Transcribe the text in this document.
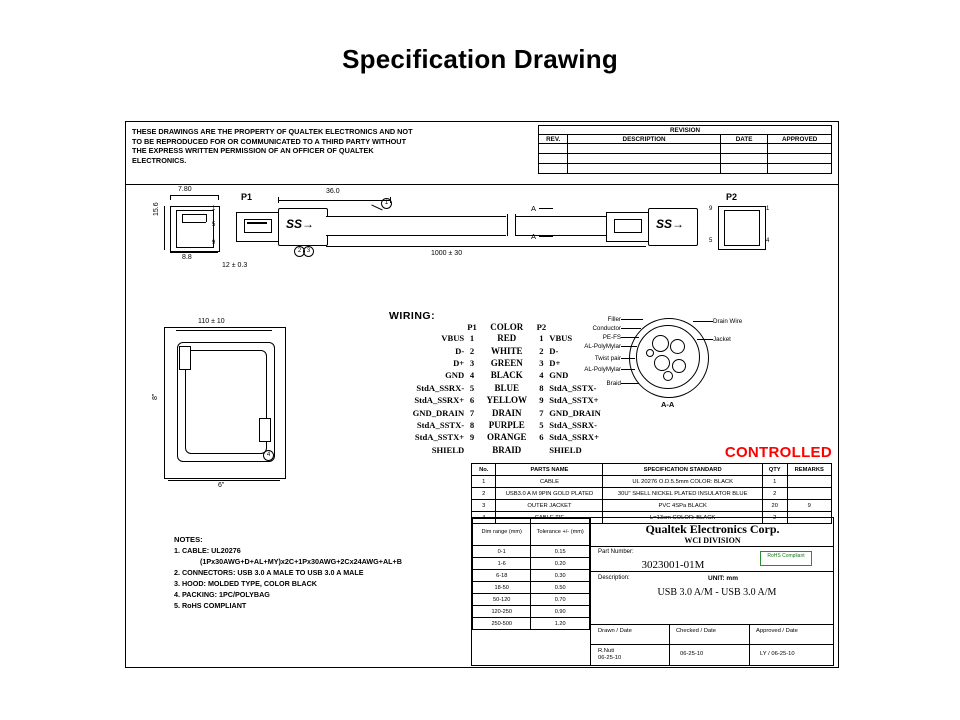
Specification Drawing
THESE DRAWINGS ARE THE PROPERTY OF QUALTEK ELECTRONICS AND NOT TO BE REPRODUCED FOR OR COMMUNICATED TO A THIRD PARTY WITHOUT THE EXPRESS WRITTEN PERMISSION OF AN OFFICER OF QUALTEK ELECTRONICS.
REVISION			
REV.	DESCRIPTION	DATE	APPROVED

7.80
15.6
8.8
1
5
9
P1
SS→
36.0
1
2 3
12 ± 0.3
1000 ± 30
A
A
P2
SS→
9
5
1
4
4
110 ± 10
8"
6"
WIRING:
P1	COLOR	P2
VBUS 1	RED	1 VBUS
D- 2	WHITE	2 D-
D+ 3	GREEN	3 D+
GND 4	BLACK	4 GND
StdA_SSRX- 5	BLUE	8 StdA_SSTX-
StdA_SSRX+ 6	YELLOW	9 StdA_SSTX+
GND_DRAIN 7	DRAIN	7 GND_DRAIN
StdA_SSTX- 8	PURPLE	5 StdA_SSRX-
StdA_SSTX+ 9	ORANGE	6 StdA_SSRX+
SHIELD	BRAID	SHIELD
A-A
Filler
Conductor
PE-FS
AL-PolyMylar
Twist pair
AL-PolyMylar
Braid
Drain Wire
Jacket
CONTROLLED
No.	PARTS NAME	SPECIFICATION STANDARD	QTY	REMARKS
1	CABLE	UL 20276 O.D.5.5mm COLOR: BLACK	1	
2	USB3.0 A M 9PIN GOLD PLATED	30U" SHELL NICKEL PLATED INSULATOR BLUE	2	
3	OUTER JACKET	PVC 4SPa BLACK	20	9
4	CABLE TIE	L=13cm COLOR: BLACK	2	
Dim range (mm)	Tolerance +/- (mm)
0-1	0.15
1-6	0.20
6-18	0.30
18-50	0.50
50-120	0.70
120-250	0.90
250-500	1.20
Qualtek Electronics Corp.
WCI DIVISION
Part Number:
3023001-01M
RoHS Compliant
Description:
USB 3.0 A/M - USB 3.0 A/M
UNIT: mm
Drawn / Date	Checked / Date	Approved / Date
R.Nuti
06-25-10
06-25-10	LY / 06-25-10
NOTES:
1. CABLE: UL20276
(1Px30AWG+D+AL+MY)x2C+1Px30AWG+2Cx24AWG+AL+B
2. CONNECTORS: USB 3.0 A MALE TO USB 3.0 A MALE
3. HOOD: MOLDED TYPE, COLOR BLACK
4. PACKING: 1PC/POLYBAG
5. RoHS COMPLIANT
